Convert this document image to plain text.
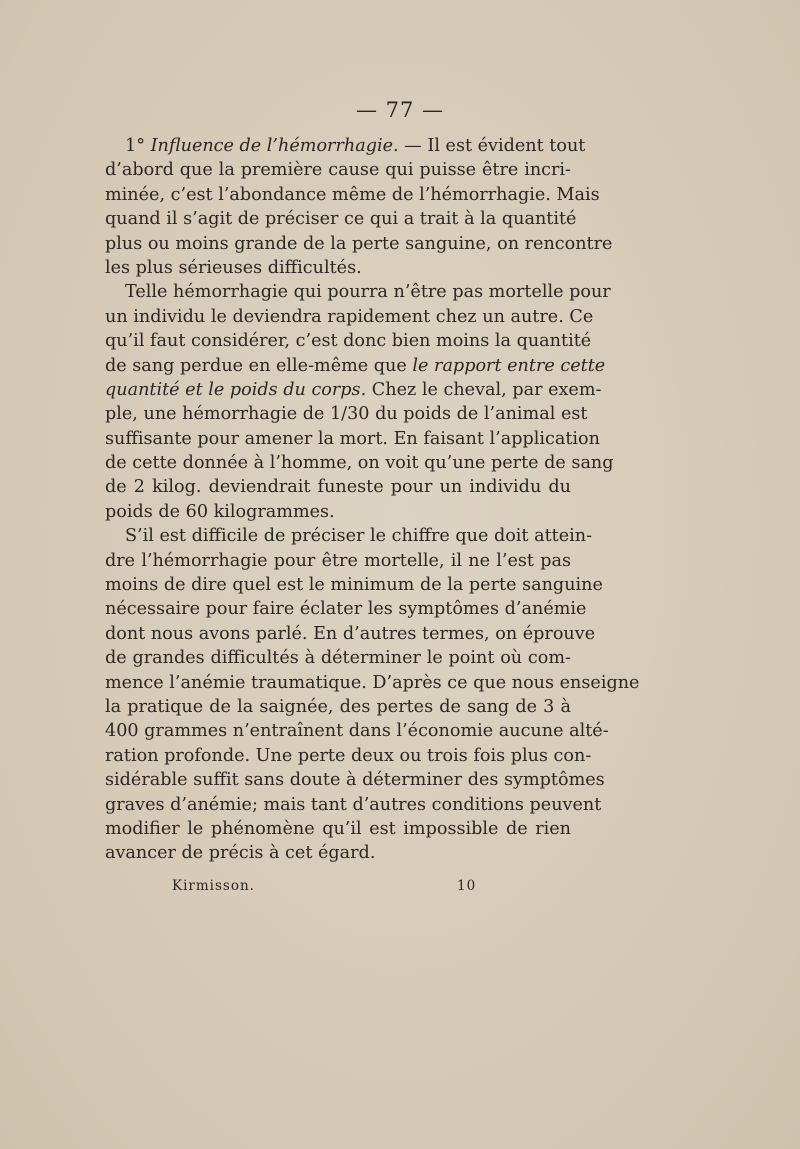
— 77 —
1° Influence de l’hémorrhagie. — Il est évident tout
d’abord que la première cause qui puisse être incri-
minée, c’est l’abondance même de l’hémorrhagie. Mais
quand il s’agit de préciser ce qui a trait à la quantité
plus ou moins grande de la perte sanguine, on rencontre
les plus sérieuses difficultés.
Telle hémorrhagie qui pourra n’être pas mortelle pour
un individu le deviendra rapidement chez un autre. Ce
qu’il faut considérer, c’est donc bien moins la quantité
de sang perdue en elle-même que le rapport entre cette
quantité et le poids du corps. Chez le cheval, par exem-
ple, une hémorrhagie de 1/30 du poids de l’animal est
suffisante pour amener la mort. En faisant l’application
de cette donnée à l’homme, on voit qu’une perte de sang
de 2 kilog. deviendrait funeste pour un individu du
poids de 60 kilogrammes.
S’il est difficile de préciser le chiffre que doit attein-
dre l’hémorrhagie pour être mortelle, il ne l’est pas
moins de dire quel est le minimum de la perte sanguine
nécessaire pour faire éclater les symptômes d’anémie
dont nous avons parlé. En d’autres termes, on éprouve
de grandes difficultés à déterminer le point où com-
mence l’anémie traumatique. D’après ce que nous enseigne
la pratique de la saignée, des pertes de sang de 3 à
400 grammes n’entraînent dans l’économie aucune alté-
ration profonde. Une perte deux ou trois fois plus con-
sidérable suffit sans doute à déterminer des symptômes
graves d’anémie; mais tant d’autres conditions peuvent
modifier le phénomène qu’il est impossible de rien
avancer de précis à cet égard.
Kirmisson.	10
